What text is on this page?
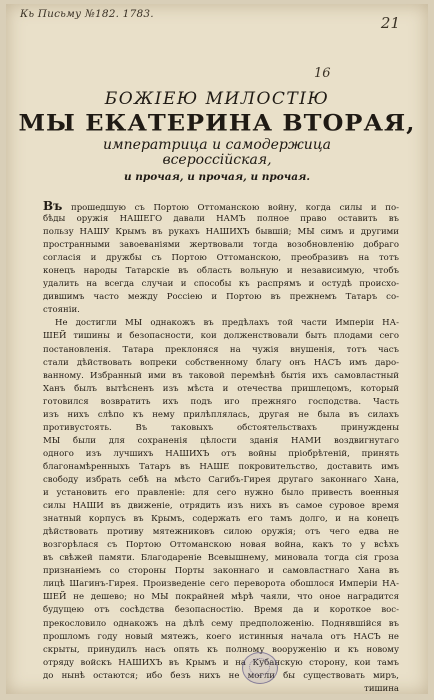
Кь Письму №182. 1783.	21
16
БОЖІЕЮ МИЛОСТІЮ
МЫ ЕКАТЕРИНА ВТОРАЯ,
императрица и самодержица
всероссійская,
и прочая, и прочая, и прочая.
Въ прошедшую съ Портою Оттоманскою войну, когда силы и по-
бѣды оружія НАШЕГО давали НАМЪ полное право оставить въ
пользу НАШУ Крымъ въ рукахъ НАШИХЪ бывшій; МЫ симъ и другими
пространными завоеваніями жертвовали тогда возобновленію добраго
согласія и дружбы съ Портою Оттоманскою, преобразивъ на тотъ
конецъ народы Татарскіе въ область вольную и независимую, чтобъ
удалить на всегда случаи и способы къ распрямъ и остудѣ происхо-
дившимъ часто между Россіею и Портою въ прежнемъ Татаръ со-
стояніи.
Не достигли МЫ однакожъ въ предѣлахъ той части Имперіи НА-
ШЕЙ тишины и безопасности, кои долженствовали быть плодами сего
постановленія. Татара преклоняся на чужія внушенія, тотъ часъ
стали дѣйствовать вопреки собственному благу онъ НАСЪ имъ даро-
ванному. Избранный ими въ таковой перемѣнѣ бытія ихъ самовластный
Ханъ былъ вытѣсненъ изъ мѣста и отечества пришлецомъ, который
готовился возвратить ихъ подъ иго прежняго господства. Часть
изъ нихъ слѣпо къ нему прилѣплялась, другая не была въ силахъ
противустоять. Въ таковыхъ обстоятельствахъ принуждены
МЫ были для сохраненія цѣлости зданія НАМИ воздвигнутаго
одного изъ лучшихъ НАШИХЪ отъ войны пріобрѣтеній, принять
благонамѣренныхъ Татаръ въ НАШЕ покровительство, доставить имъ
свободу избрать себѣ на мѣсто Сагибъ-Гирея другаго законнаго Хана,
и установить его правленіе: для сего нужно было привесть военныя
силы НАШИ въ движеніе, отрядить изъ нихъ въ самое суровое время
знатный корпусъ въ Крымъ, содержать его тамъ долго, и на конецъ
дѣйствовать противу мятежниковъ силою оружія; отъ чего едва не
возгорѣлася съ Портою Оттоманскою новая война, какъ то у всѣхъ
въ свѣжей памяти. Благодареніе Всевышнему, миновала тогда сія гроза
признаніемъ со стороны Порты законнаго и самовластнаго Хана въ
лицѣ Шагинъ-Гирея. Произведеніе сего переворота обошлося Имперіи НА-
ШЕЙ не дешево; но МЫ покрайней мѣрѣ чаяли, что оное наградится
будущею отъ сосѣдства безопасностію. Время да и короткое вос-
прекословило однакожъ на дѣлѣ сему предположенію. Поднявшійся въ
прошломъ году новый мятежъ, коего истинныя начала отъ НАСЪ не
скрыты, принудилъ насъ опять къ полному вооруженію и къ новому
отряду войскъ НАШИХЪ въ Крымъ и на Кубанскую сторону, кои тамъ
до нынѣ остаются; ибо безъ нихъ не могли бы существовать миръ,
тишина
